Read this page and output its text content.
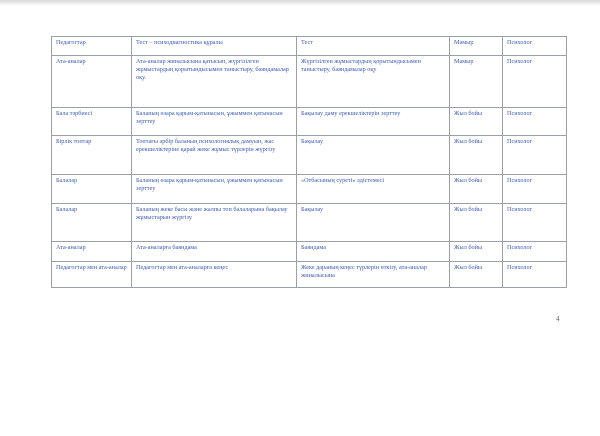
Педагогтар	Тест – психодиагностика құралы	Тест	Мамыр	Психолог
Ата-аналар	Ата-аналар жиналысына қатысып, жүргізілген жұмыстардың қорытындысымен таныстыру, баяндамалар оқу.	Жүргізілген жұмыстардың қорытындысымен таныстыру, баяндамалар оқу	Мамыр	Психолог
Бала тәрбиесі	Баланың өзара қарым-қатынасын, ұжыммен қатынасын зерттеу	Бақылау даму ерекшеліктерін зерттеу	Жыл бойы	Психолог
Бірлік топтар	Топтағы әрбір баланың психологиялық дамуын, жас ерекшеліктеріне қарай жеке жұмыс түрлерін жүргізу	Бақылау	Жыл бойы	Психолог
Балалар	Баланың өзара қарым-қатынасын, ұжыммен қатынасын зерттеу	«Отбасының суреті» әдістемесі	Жыл бойы	Психолог
Балалар	Баланың жеке басы және жалпы топ балаларына бақылау жұмыстарын жүргізу	Бақылау	Жыл бойы	Психолог
Ата-аналар	Ата-аналарға баяндама	Баяндама	Жыл бойы	Психолог
Педагогтар мен ата-аналар	Педагогтар мен ата-аналарға кеңес	Жеке дараның кеңес түрлерін өткізу, ата-аналар жиналысына	Жыл бойы	Психолог
4
